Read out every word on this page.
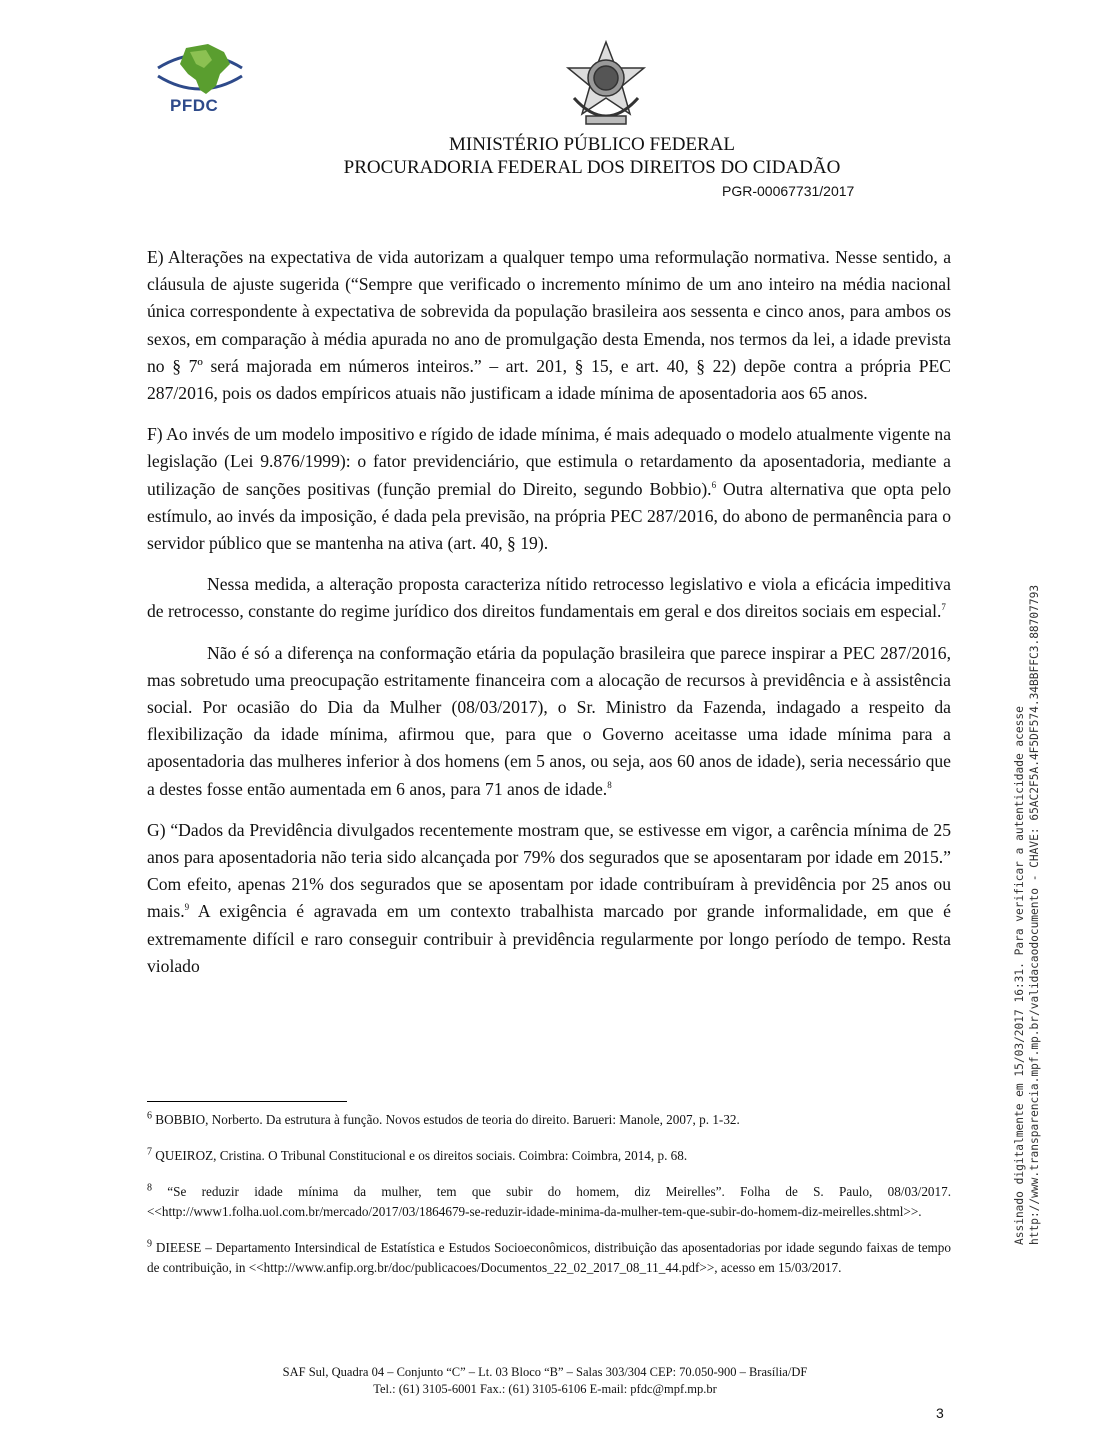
PFDC
MINISTÉRIO PÚBLICO FEDERAL
PROCURADORIA FEDERAL DOS DIREITOS DO CIDADÃO
PGR-00067731/2017

E) Alterações na expectativa de vida autorizam a qualquer tempo uma reformulação normativa. Nesse sentido, a cláusula de ajuste sugerida (“Sempre que verificado o incremento mínimo de um ano inteiro na média nacional única correspondente à expectativa de sobrevida da população brasileira aos sessenta e cinco anos, para ambos os sexos, em comparação à média apurada no ano de promulgação desta Emenda, nos termos da lei, a idade prevista no § 7º será majorada em números inteiros.” – art. 201, § 15, e art. 40, § 22) depõe contra a própria PEC 287/2016, pois os dados empíricos atuais não justificam a idade mínima de aposentadoria aos 65 anos.

F) Ao invés de um modelo impositivo e rígido de idade mínima, é mais adequado o modelo atualmente vigente na legislação (Lei 9.876/1999): o fator previdenciário, que estimula o retardamento da aposentadoria, mediante a utilização de sanções positivas (função premial do Direito, segundo Bobbio).$^6$ Outra alternativa que opta pelo estímulo, ao invés da imposição, é dada pela previsão, na própria PEC 287/2016, do abono de permanência para o servidor público que se mantenha na ativa (art. 40, § 19).

Nessa medida, a alteração proposta caracteriza nítido retrocesso legislativo e viola a eficácia impeditiva de retrocesso, constante do regime jurídico dos direitos fundamentais em geral e dos direitos sociais em especial.$^7$

Não é só a diferença na conformação etária da população brasileira que parece inspirar a PEC 287/2016, mas sobretudo uma preocupação estritamente financeira com a alocação de recursos à previdência e à assistência social. Por ocasião do Dia da Mulher (08/03/2017), o Sr. Ministro da Fazenda, indagado a respeito da flexibilização da idade mínima, afirmou que, para que o Governo aceitasse uma idade mínima para a aposentadoria das mulheres inferior à dos homens (em 5 anos, ou seja, aos 60 anos de idade), seria necessário que a destes fosse então aumentada em 6 anos, para 71 anos de idade.$^8$

G) “Dados da Previdência divulgados recentemente mostram que, se estivesse em vigor, a carência mínima de 25 anos para aposentadoria não teria sido alcançada por 79% dos segurados que se aposentaram por idade em 2015.” Com efeito, apenas 21% dos segurados que se aposentam por idade contribuíram à previdência por 25 anos ou mais.$^9$ A exigência é agravada em um contexto trabalhista marcado por grande informalidade, em que é extremamente difícil e raro conseguir contribuir à previdência regularmente por longo período de tempo. Resta violado

$^6$ BOBBIO, Norberto. Da estrutura à função. Novos estudos de teoria do direito. Barueri: Manole, 2007, p. 1-32.

$^7$ QUEIROZ, Cristina. O Tribunal Constitucional e os direitos sociais. Coimbra: Coimbra, 2014, p. 68.

$^8$ “Se reduzir idade mínima da mulher, tem que subir do homem, diz Meirelles”. Folha de S. Paulo, 08/03/2017. <<http://www1.folha.uol.com.br/mercado/2017/03/1864679-se-reduzir-idade-minima-da-mulher-tem-que-subir-do-homem-diz-meirelles.shtml>>.

$^9$ DIEESE – Departamento Intersindical de Estatística e Estudos Socioeconômicos, distribuição das aposentadorias por idade segundo faixas de tempo de contribuição, in <<http://www.anfip.org.br/doc/publicacoes/Documentos_22_02_2017_08_11_44.pdf>>, acesso em 15/03/2017.

SAF Sul, Quadra 04 – Conjunto “C” – Lt. 03 Bloco “B” – Salas 303/304 CEP: 70.050-900 – Brasília/DF
Tel.: (61) 3105-6001 Fax.: (61) 3105-6106 E-mail: pfdc@mpf.mp.br
3
Assinado digitalmente em 15/03/2017 16:31. Para verificar a autenticidade acesse http://www.transparencia.mpf.mp.br/validacaodocumento - CHAVE: 65AC2F5A.4F5DF574.34BBFFC3.88707793
